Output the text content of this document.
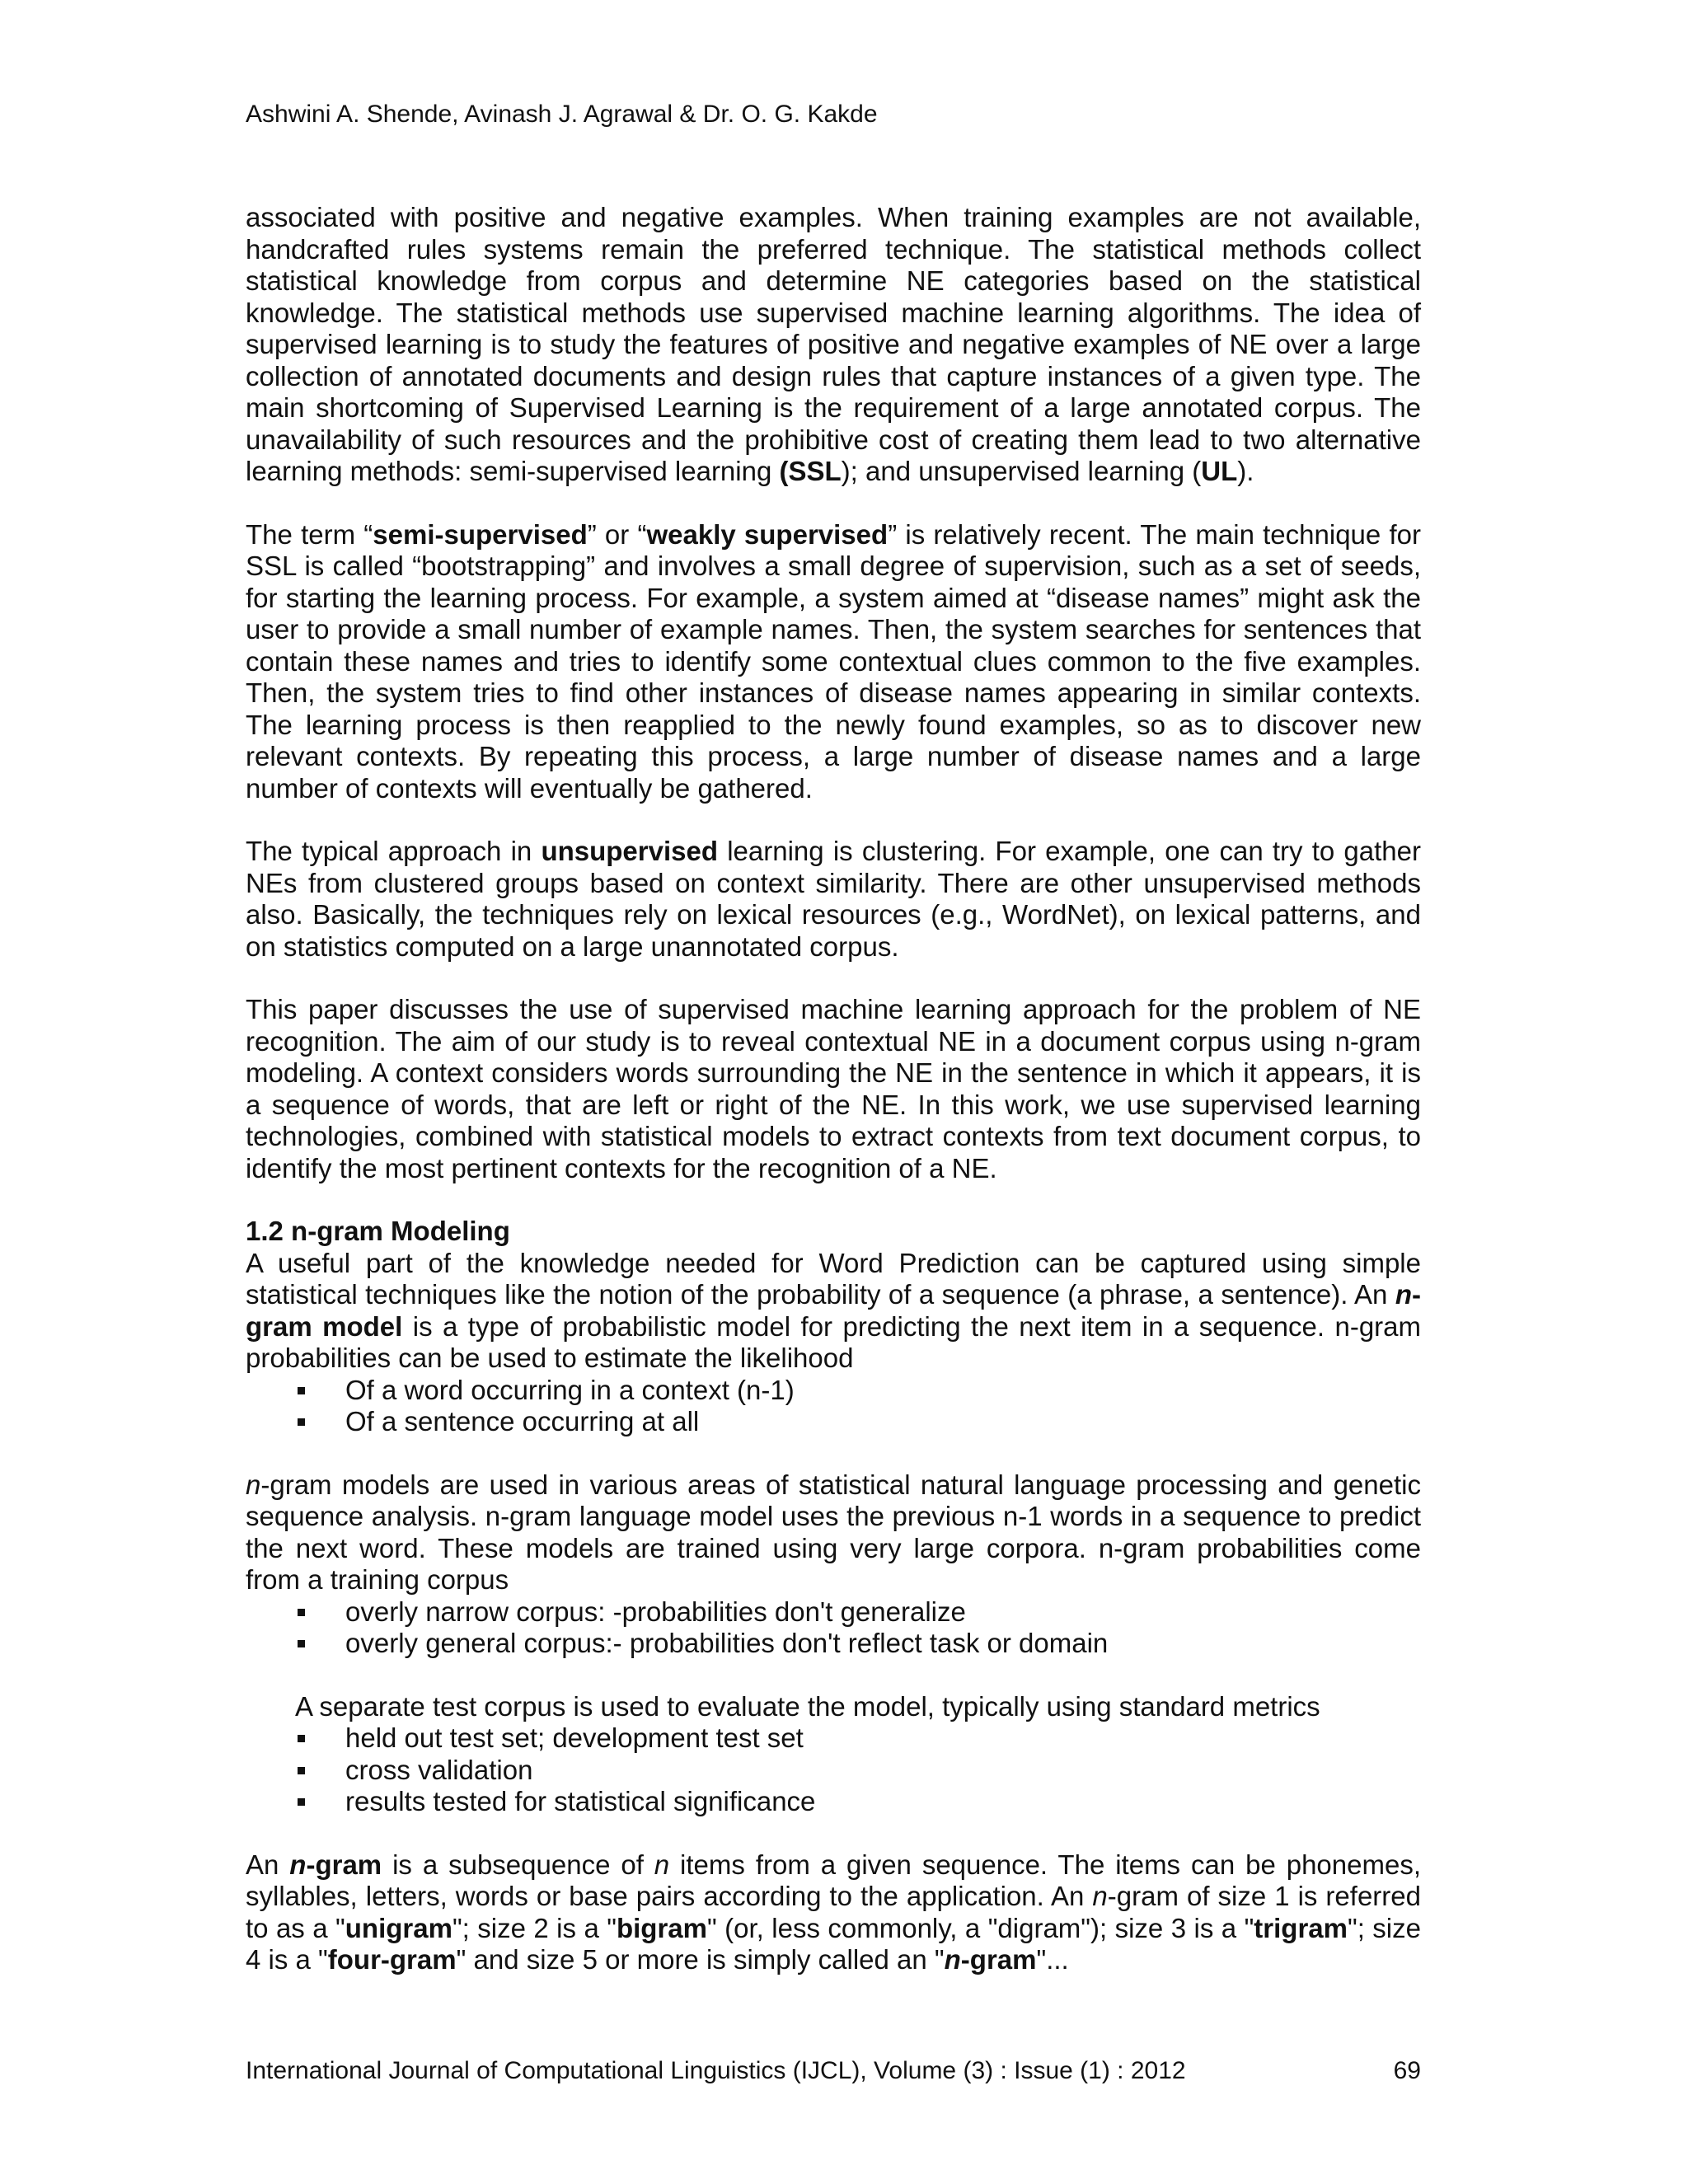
Ashwini A. Shende, Avinash J. Agrawal & Dr. O. G. Kakde

associated with positive and negative examples. When training examples are not available, handcrafted rules systems remain the preferred technique. The statistical methods collect statistical knowledge from corpus and determine NE categories based on the statistical knowledge. The statistical methods use supervised machine learning algorithms. The idea of supervised learning is to study the features of positive and negative examples of NE over a large collection of annotated documents and design rules that capture instances of a given type. The main shortcoming of Supervised Learning is the requirement of a large annotated corpus. The unavailability of such resources and the prohibitive cost of creating them lead to two alternative learning methods: semi-supervised learning (SSL); and unsupervised learning (UL).

The term “semi-supervised” or “weakly supervised” is relatively recent. The main technique for SSL is called “bootstrapping” and involves a small degree of supervision, such as a set of seeds, for starting the learning process. For example, a system aimed at “disease names” might ask the user to provide a small number of example names. Then, the system searches for sentences that contain these names and tries to identify some contextual clues common to the five examples. Then, the system tries to find other instances of disease names appearing in similar contexts. The learning process is then reapplied to the newly found examples, so as to discover new relevant contexts. By repeating this process, a large number of disease names and a large number of contexts will eventually be gathered.

The typical approach in unsupervised learning is clustering. For example, one can try to gather NEs from clustered groups based on context similarity. There are other unsupervised methods also. Basically, the techniques rely on lexical resources (e.g., WordNet), on lexical patterns, and on statistics computed on a large unannotated corpus.

This paper discusses the use of supervised machine learning approach for the problem of NE recognition. The aim of our study is to reveal contextual NE in a document corpus using n-gram modeling. A context considers words surrounding the NE in the sentence in which it appears, it is a sequence of words, that are left or right of the NE. In this work, we use supervised learning technologies, combined with statistical models to extract contexts from text document corpus, to identify the most pertinent contexts for the recognition of a NE.

1.2 n-gram Modeling

A useful part of the knowledge needed for Word Prediction can be captured using simple statistical techniques like the notion of the probability of a sequence (a phrase, a sentence). An n-gram model is a type of probabilistic model for predicting the next item in a sequence. n-gram probabilities can be used to estimate the likelihood

Of a word occurring in a context (n-1)
Of a sentence occurring at all

n-gram models are used in various areas of statistical natural language processing and genetic sequence analysis. n-gram language model uses the previous n-1 words in a sequence to predict the next word. These models are trained using very large corpora. n-gram probabilities come from a training corpus

overly narrow corpus: -probabilities don't generalize
overly general corpus:- probabilities don't reflect task or domain

A separate test corpus is used to evaluate the model, typically using standard metrics

held out test set; development test set
cross validation
results tested for statistical significance

An n-gram is a subsequence of n items from a given sequence. The items can be phonemes, syllables, letters, words or base pairs according to the application. An n-gram of size 1 is referred to as a "unigram"; size 2 is a "bigram" (or, less commonly, a "digram"); size 3 is a "trigram"; size 4 is a "four-gram" and size 5 or more is simply called an "n-gram"...

International Journal of Computational Linguistics (IJCL), Volume (3) : Issue (1) : 2012	69
